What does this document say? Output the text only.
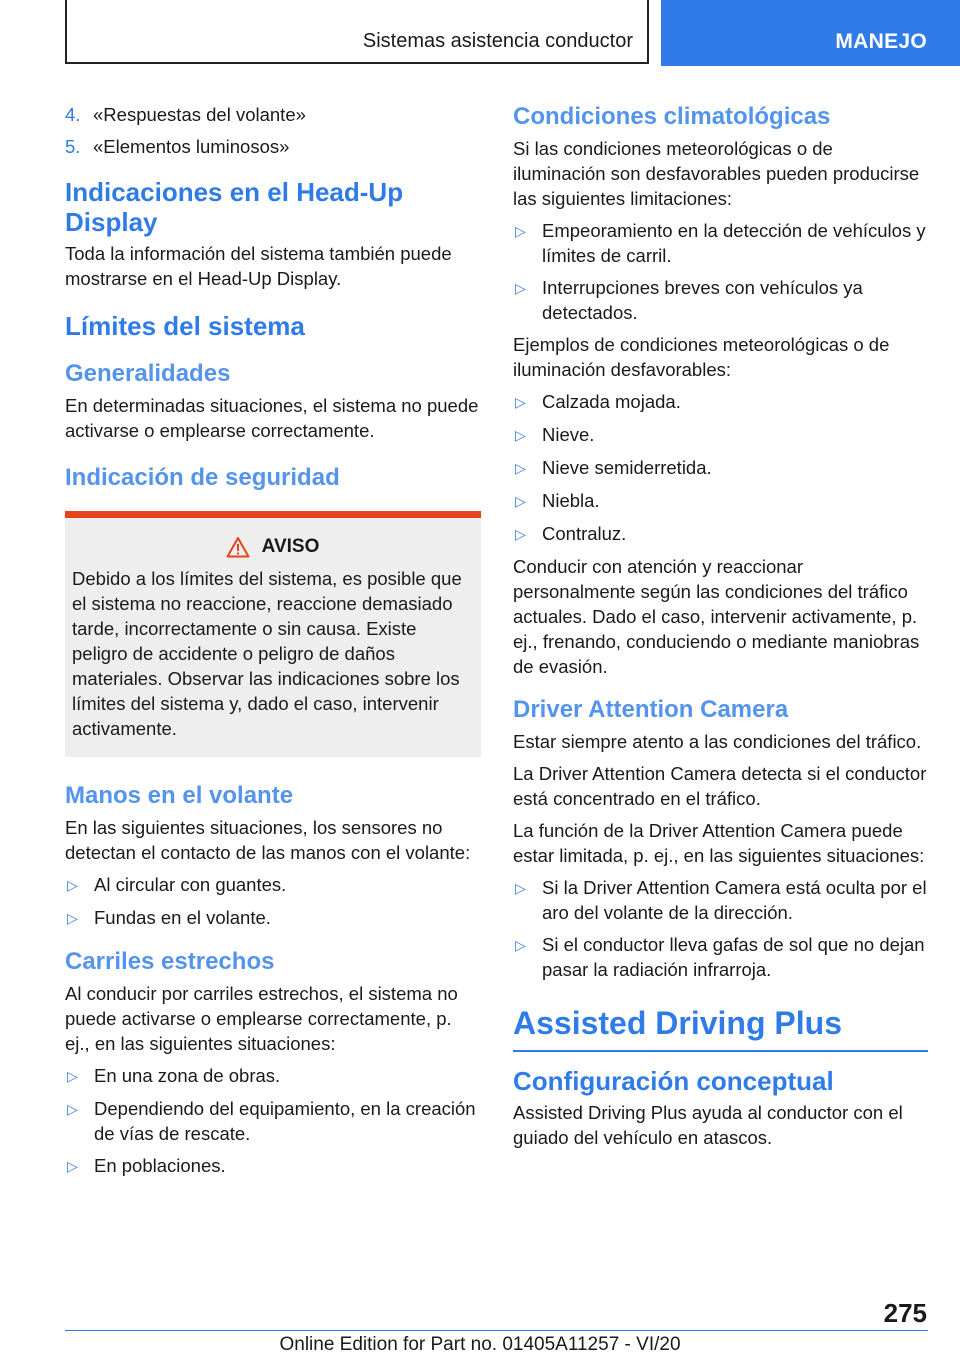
Sistemas asistencia conductor	MANEJO
4. «Respuestas del volante»
5. «Elementos luminosos»
Indicaciones en el Head-Up Display
Toda la información del sistema también puede mostrarse en el Head-Up Display.
Límites del sistema
Generalidades
En determinadas situaciones, el sistema no puede activarse o emplearse correctamente.
Indicación de seguridad
AVISO
Debido a los límites del sistema, es posible que el sistema no reaccione, reaccione demasiado tarde, incorrectamente o sin causa. Existe peligro de accidente o peligro de daños materiales. Observar las indicaciones sobre los límites del sistema y, dado el caso, intervenir activamente.
Manos en el volante
En las siguientes situaciones, los sensores no detectan el contacto de las manos con el volante:
▷ Al circular con guantes.
▷ Fundas en el volante.
Carriles estrechos
Al conducir por carriles estrechos, el sistema no puede activarse o emplearse correctamente, p. ej., en las siguientes situaciones:
▷ En una zona de obras.
▷ Dependiendo del equipamiento, en la creación de vías de rescate.
▷ En poblaciones.
Condiciones climatológicas
Si las condiciones meteorológicas o de iluminación son desfavorables pueden producirse las siguientes limitaciones:
▷ Empeoramiento en la detección de vehículos y límites de carril.
▷ Interrupciones breves con vehículos ya detectados.
Ejemplos de condiciones meteorológicas o de iluminación desfavorables:
▷ Calzada mojada.
▷ Nieve.
▷ Nieve semiderretida.
▷ Niebla.
▷ Contraluz.
Conducir con atención y reaccionar personalmente según las condiciones del tráfico actuales. Dado el caso, intervenir activamente, p. ej., frenando, conduciendo o mediante maniobras de evasión.
Driver Attention Camera
Estar siempre atento a las condiciones del tráfico.
La Driver Attention Camera detecta si el conductor está concentrado en el tráfico.
La función de la Driver Attention Camera puede estar limitada, p. ej., en las siguientes situaciones:
▷ Si la Driver Attention Camera está oculta por el aro del volante de la dirección.
▷ Si el conductor lleva gafas de sol que no dejan pasar la radiación infrarroja.
Assisted Driving Plus
Configuración conceptual
Assisted Driving Plus ayuda al conductor con el guiado del vehículo en atascos.
275
Online Edition for Part no. 01405A11257 - VI/20
